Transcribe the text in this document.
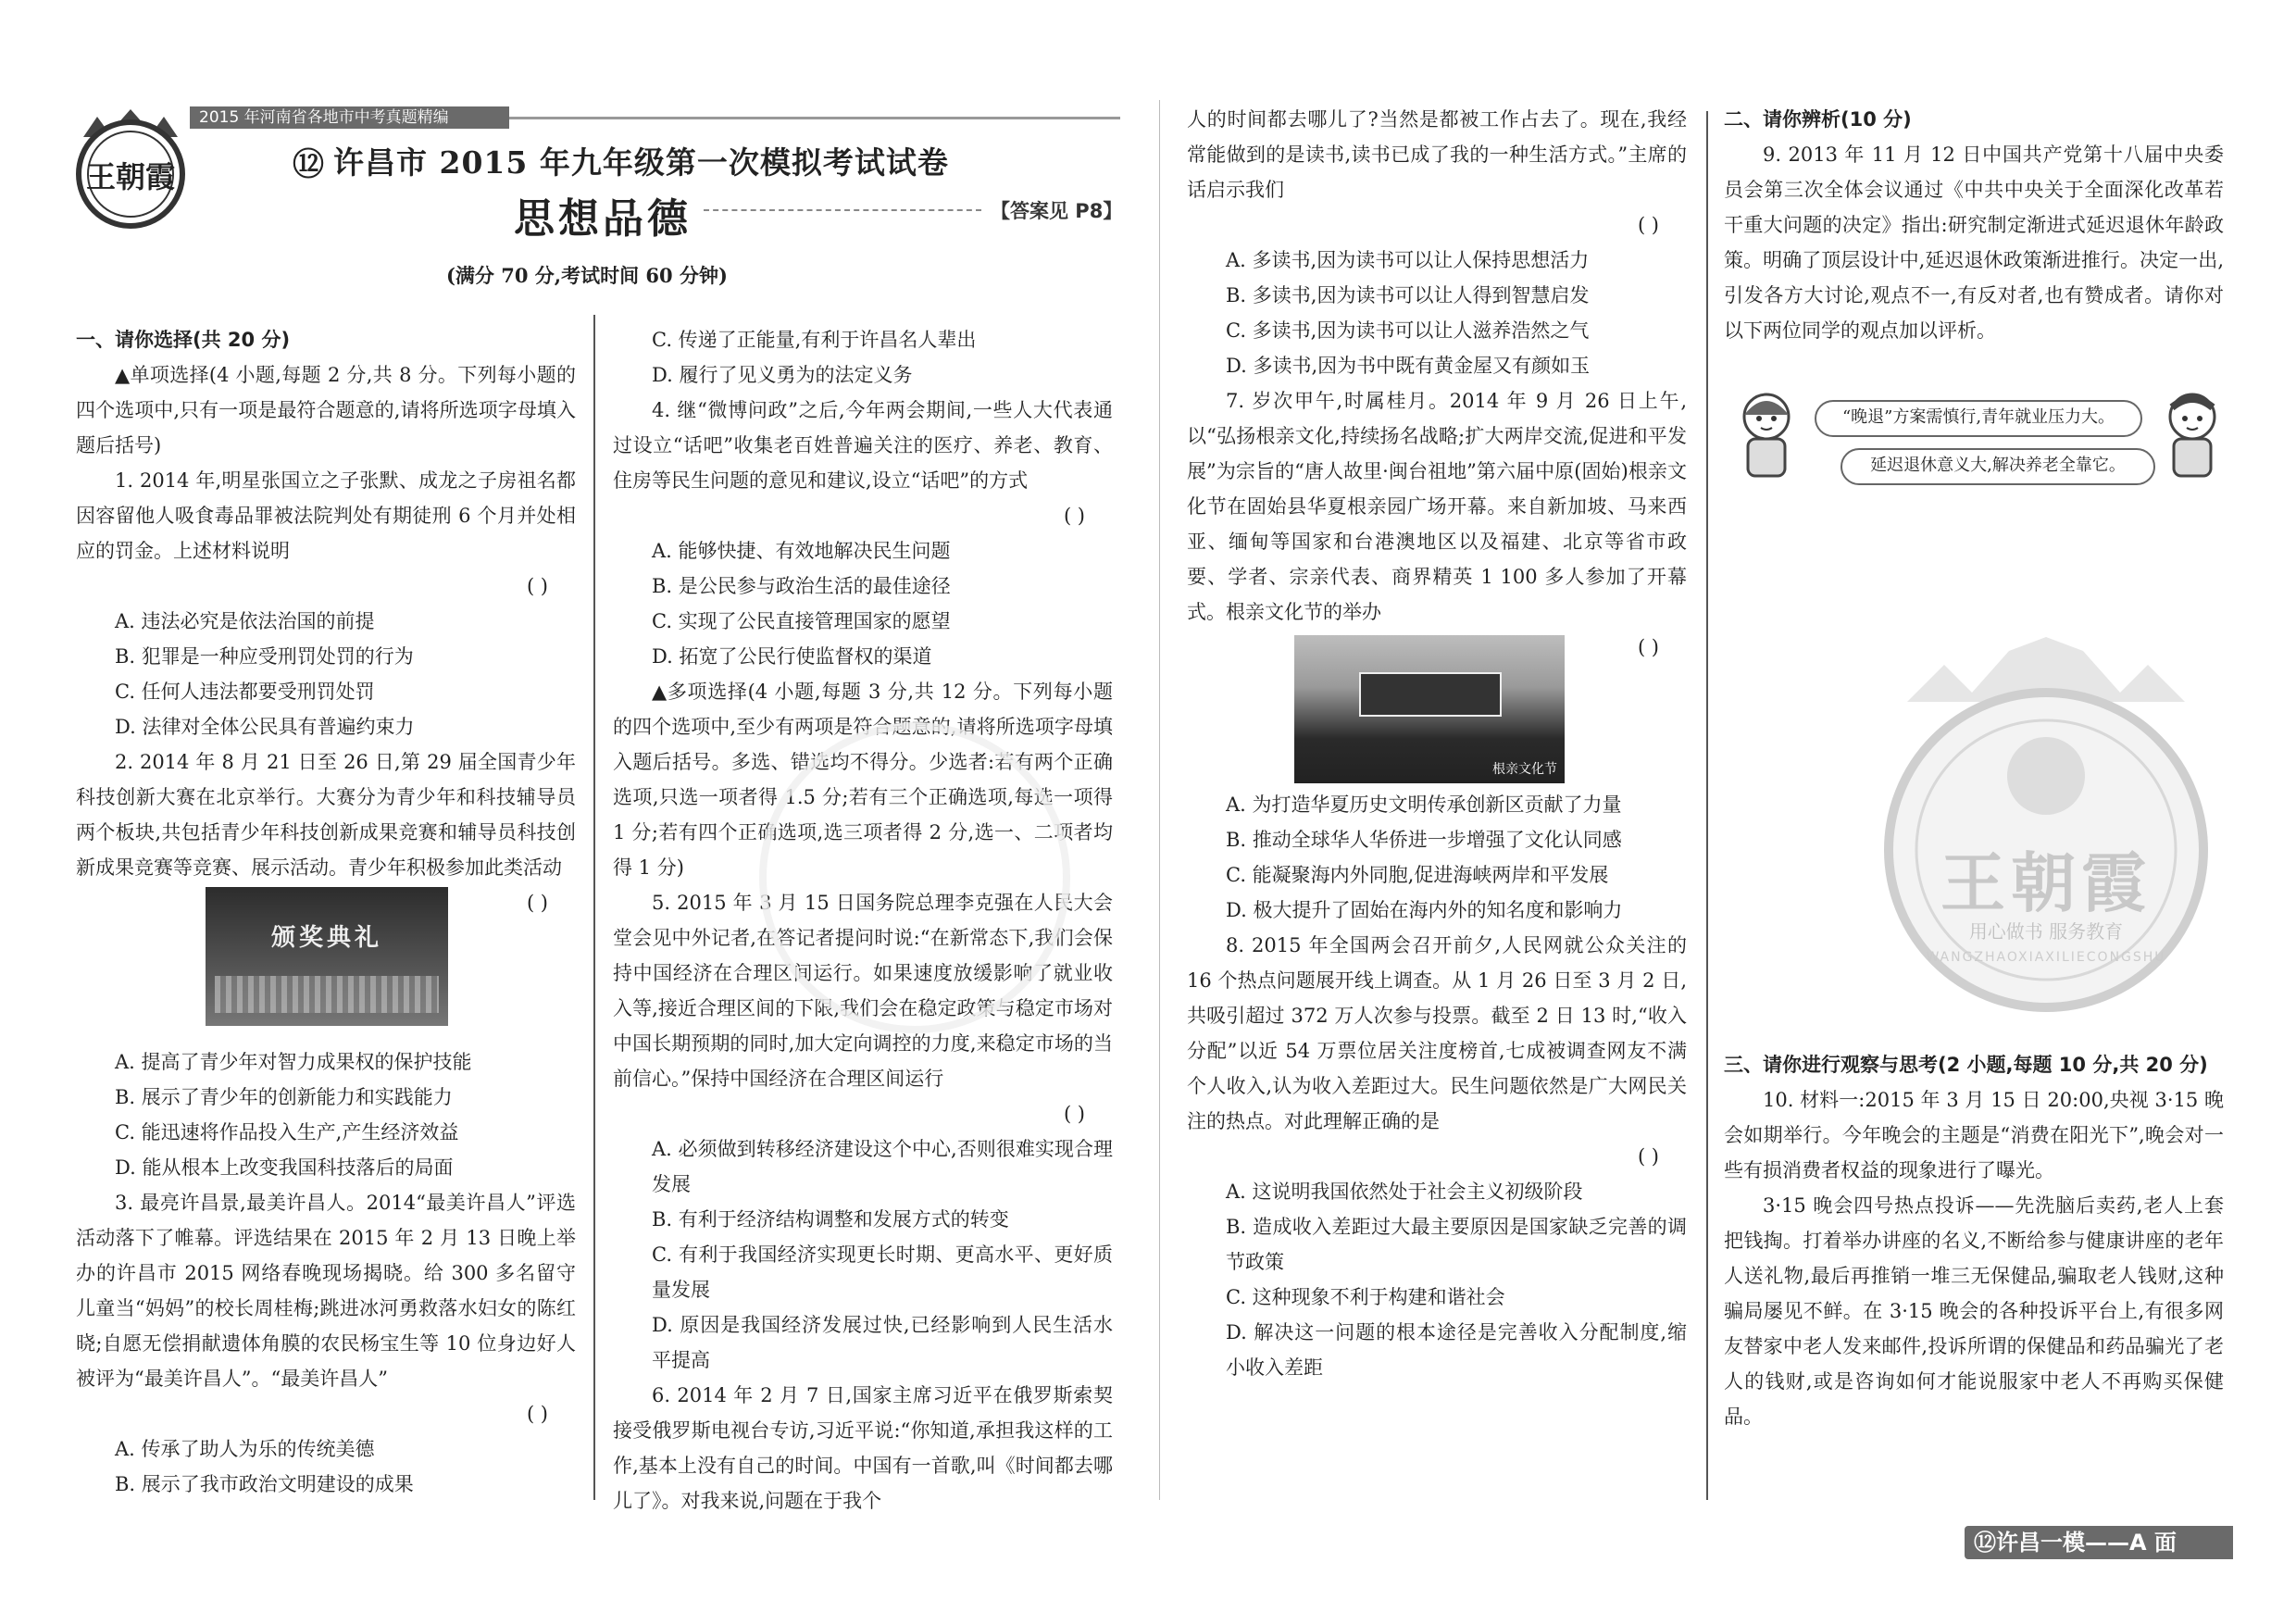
王朝霞
2015 年河南省各地市中考真题精编
⑫ 许昌市 2015 年九年级第一次模拟考试试卷
思想品德	【答案见 P8】
(满分 70 分,考试时间 60 分钟)

一、请你选择(共 20 分)

▲单项选择(4 小题,每题 2 分,共 8 分。下列每小题的四个选项中,只有一项是最符合题意的,请将所选项字母填入题后括号)

1. 2014 年,明星张国立之子张默、成龙之子房祖名都因容留他人吸食毒品罪被法院判处有期徒刑 6 个月并处相应的罚金。上述材料说明

( )

A. 违法必究是依法治国的前提

B. 犯罪是一种应受刑罚处罚的行为

C. 任何人违法都要受刑罚处罚

D. 法律对全体公民具有普遍约束力

2. 2014 年 8 月 21 日至 26 日,第 29 届全国青少年科技创新大赛在北京举行。大赛分为青少年和科技辅导员两个板块,共包括青少年科技创新成果竞赛和辅导员科技创新成果竞赛等竞赛、展示活动。青少年积极参加此类活动

( )

颁奖典礼

A. 提高了青少年对智力成果权的保护技能

B. 展示了青少年的创新能力和实践能力

C. 能迅速将作品投入生产,产生经济效益

D. 能从根本上改变我国科技落后的局面

3. 最亮许昌景,最美许昌人。2014“最美许昌人”评选活动落下了帷幕。评选结果在 2015 年 2 月 13 日晚上举办的许昌市 2015 网络春晚现场揭晓。给 300 多名留守儿童当“妈妈”的校长周桂梅;跳进冰河勇救落水妇女的陈红晓;自愿无偿捐献遗体角膜的农民杨宝生等 10 位身边好人被评为“最美许昌人”。“最美许昌人”

( )

A. 传承了助人为乐的传统美德

B. 展示了我市政治文明建设的成果

C. 传递了正能量,有利于许昌名人辈出

D. 履行了见义勇为的法定义务

4. 继“微博问政”之后,今年两会期间,一些人大代表通过设立“话吧”收集老百姓普遍关注的医疗、养老、教育、住房等民生问题的意见和建议,设立“话吧”的方式

( )

A. 能够快捷、有效地解决民生问题

B. 是公民参与政治生活的最佳途径

C. 实现了公民直接管理国家的愿望

D. 拓宽了公民行使监督权的渠道

▲多项选择(4 小题,每题 3 分,共 12 分。下列每小题的四个选项中,至少有两项是符合题意的,请将所选项字母填入题后括号。多选、错选均不得分。少选者:若有两个正确选项,只选一项者得 1.5 分;若有三个正确选项,每选一项得 1 分;若有四个正确选项,选三项者得 2 分,选一、二项者均得 1 分)

5. 2015 年 3 月 15 日国务院总理李克强在人民大会堂会见中外记者,在答记者提问时说:“在新常态下,我们会保持中国经济在合理区间运行。如果速度放缓影响了就业收入等,接近合理区间的下限,我们会在稳定政策与稳定市场对中国长期预期的同时,加大定向调控的力度,来稳定市场的当前信心。”保持中国经济在合理区间运行

( )

A. 必须做到转移经济建设这个中心,否则很难实现合理发展

B. 有利于经济结构调整和发展方式的转变

C. 有利于我国经济实现更长时期、更高水平、更好质量发展

D. 原因是我国经济发展过快,已经影响到人民生活水平提高

6. 2014 年 2 月 7 日,国家主席习近平在俄罗斯索契接受俄罗斯电视台专访,习近平说:“你知道,承担我这样的工作,基本上没有自己的时间。中国有一首歌,叫《时间都去哪儿了》。对我来说,问题在于我个

人的时间都去哪儿了?当然是都被工作占去了。现在,我经常能做到的是读书,读书已成了我的一种生活方式。”主席的话启示我们

( )

A. 多读书,因为读书可以让人保持思想活力

B. 多读书,因为读书可以让人得到智慧启发

C. 多读书,因为读书可以让人滋养浩然之气

D. 多读书,因为书中既有黄金屋又有颜如玉

7. 岁次甲午,时属桂月。2014 年 9 月 26 日上午,以“弘扬根亲文化,持续扬名战略;扩大两岸交流,促进和平发展”为宗旨的“唐人故里·闽台祖地”第六届中原(固始)根亲文化节在固始县华夏根亲园广场开幕。来自新加坡、马来西亚、缅甸等国家和台港澳地区以及福建、北京等省市政要、学者、宗亲代表、商界精英 1 100 多人参加了开幕式。根亲文化节的举办

( )

根亲文化节

A. 为打造华夏历史文明传承创新区贡献了力量

B. 推动全球华人华侨进一步增强了文化认同感

C. 能凝聚海内外同胞,促进海峡两岸和平发展

D. 极大提升了固始在海内外的知名度和影响力

8. 2015 年全国两会召开前夕,人民网就公众关注的 16 个热点问题展开线上调查。从 1 月 26 日至 3 月 2 日,共吸引超过 372 万人次参与投票。截至 2 日 13 时,“收入分配”以近 54 万票位居关注度榜首,七成被调查网友不满个人收入,认为收入差距过大。民生问题依然是广大网民关注的热点。对此理解正确的是

( )

A. 这说明我国依然处于社会主义初级阶段

B. 造成收入差距过大最主要原因是国家缺乏完善的调节政策

C. 这种现象不利于构建和谐社会

D. 解决这一问题的根本途径是完善收入分配制度,缩小收入差距

二、请你辨析(10 分)

9. 2013 年 11 月 12 日中国共产党第十八届中央委员会第三次全体会议通过《中共中央关于全面深化改革若干重大问题的决定》指出:研究制定渐进式延迟退休年龄政策。明确了顶层设计中,延迟退休政策渐进推行。决定一出,引发各方大讨论,观点不一,有反对者,也有赞成者。请你对以下两位同学的观点加以评析。

三、请你进行观察与思考(2 小题,每题 10 分,共 20 分)

10. 材料一:2015 年 3 月 15 日 20:00,央视 3·15 晚会如期举行。今年晚会的主题是“消费在阳光下”,晚会对一些有损消费者权益的现象进行了曝光。

3·15 晚会四号热点投诉——先洗脑后卖药,老人上套把钱掏。打着举办讲座的名义,不断给参与健康讲座的老年人送礼物,最后再推销一堆三无保健品,骗取老人钱财,这种骗局屡见不鲜。在 3·15 晚会的各种投诉平台上,有很多网友替家中老人发来邮件,投诉所谓的保健品和药品骗光了老人的钱财,或是咨询如何才能说服家中老人不再购买保健品。

“晚退”方案需慎行,青年就业压力大。
延迟退休意义大,解决养老全靠它。
王朝霞
用心做书 服务教育
WANGZHAOXIAXILIECONGSHU
⑫许昌一模——A 面
